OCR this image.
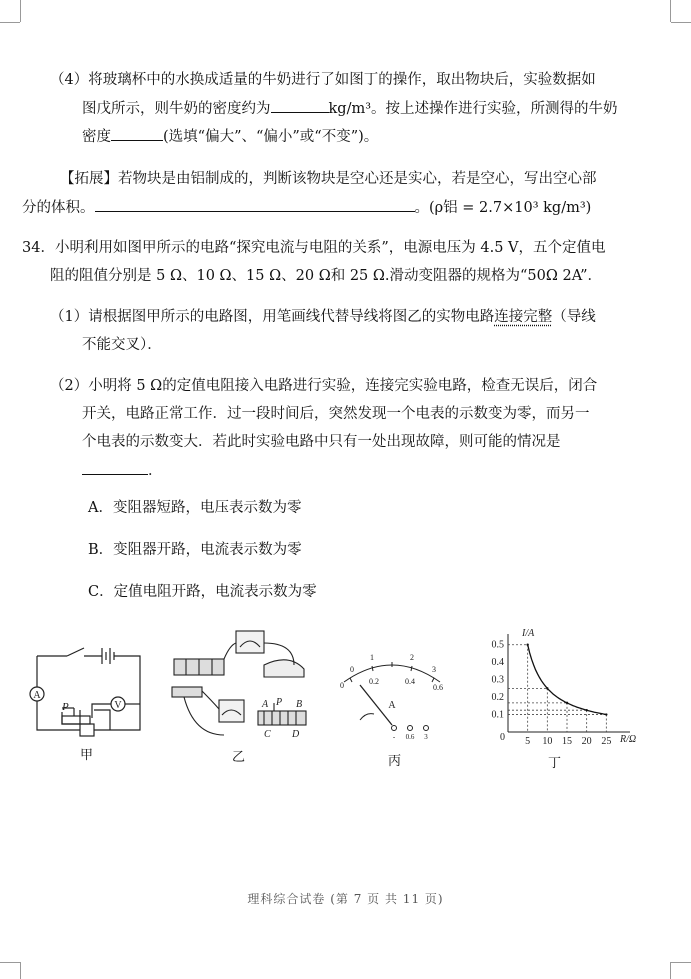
（4）将玻璃杯中的水换成适量的牛奶进行了如图丁的操作，取出物块后，实验数据如
图戊所示，则牛奶的密度约为	kg/m³。按上述操作进行实验，所测得的牛奶
密度	(选填“偏大”、“偏小”或“不变”)。
【拓展】若物块是由铝制成的，判断该物块是空心还是实心，若是空心，写出空心部
分的体积。	。(ρ铝 = 2.7×10³ kg/m³)
34．小明利用如图甲所示的电路“探究电流与电阻的关系”，电源电压为 4.5 V，五个定值电
阻的阻值分别是 5 Ω、10 Ω、15 Ω、20 Ω和 25 Ω.滑动变阻器的规格为“50Ω 2A”．
（1）请根据图甲所示的电路图，用笔画线代替导线将图乙的实物电路连接完整（导线
不能交叉）．
（2）小明将 5 Ω的定值电阻接入电路进行实验，连接完实验电路，检查无误后，闭合
开关，电路正常工作．过一段时间后，突然发现一个电表的示数变为零，而另一
个电表的示数变大．若此时实验电路中只有一处出现故障，则可能的情况是
．
A．变阻器短路，电压表示数为零
B．变阻器开路，电流表示数为零
C．定值电阻开路，电流表示数为零
A
V
P
甲
A P B
C D
乙
1	2
0	0.2	0.4
0.6
0	3
A
- 0.6 3
丙
I/A
R/Ω
0 5 10 15 20 25
0.1
0.2
0.3
0.4
0.5
丁
理科综合试卷 (第 7 页 共 11 页)
